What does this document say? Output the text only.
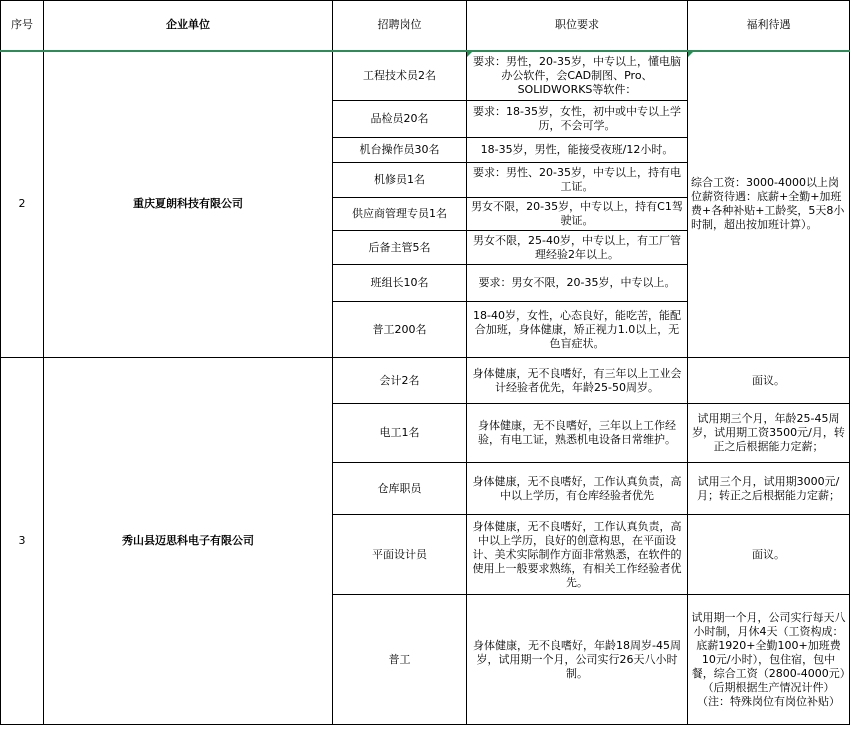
序号	企业单位	招聘岗位	职位要求	福利待遇
2	重庆夏朗科技有限公司	工程技术员2名	要求：男性，20-35岁，中专以上，懂电脑办公软件，会CAD制图、Pro、SOLIDWORKS等软件：	综合工资：3000-4000以上岗位薪资待遇：底薪+全勤+加班费+各种补贴+工龄奖，5天8小时制，超出按加班计算）。
		品检员20名	要求：18-35岁，女性，初中或中专以上学历，不会可学。	
		机台操作员30名	18-35岁，男性，能接受夜班/12小时。	
		机修员1名	要求：男性、20-35岁，中专以上，持有电工证。	
		供应商管理专员1名	男女不限，20-35岁，中专以上，持有C1驾驶证。	
		后备主管5名	男女不限，25-40岁，中专以上，有工厂管理经验2年以上。	
		班组长10名	要求：男女不限，20-35岁，中专以上。	
		普工200名	18-40岁，女性，心态良好，能吃苦，能配合加班，身体健康，矫正视力1.0以上，无色盲症状。	
3	秀山县迈思科电子有限公司	会计2名	身体健康，无不良嗜好，有三年以上工业会计经验者优先，年龄25-50周岁。	面议。
		电工1名	身体健康，无不良嗜好，三年以上工作经验，有电工证，熟悉机电设备日常维护。	试用期三个月，年龄25-45周岁，试用期工资3500元/月，转正之后根据能力定薪；
		仓库职员	身体健康，无不良嗜好，工作认真负责，高中以上学历，有仓库经验者优先	试用三个月，试用期3000元/月；转正之后根据能力定薪；
		平面设计员	身体健康，无不良嗜好，工作认真负责，高中以上学历，良好的创意构思，在平面设计、美术实际制作方面非常熟悉，在软件的使用上一般要求熟练，有相关工作经验者优先。	面议。
		普工	身体健康，无不良嗜好，年龄18周岁-45周岁，试用期一个月，公司实行26天八小时制。	试用期一个月，公司实行每天八小时制，月休4天（工资构成：底薪1920+全勤100+加班费10元/小时），包住宿，包中餐，综合工资（2800-4000元）（后期根据生产情况计件）（注：特殊岗位有岗位补贴）
